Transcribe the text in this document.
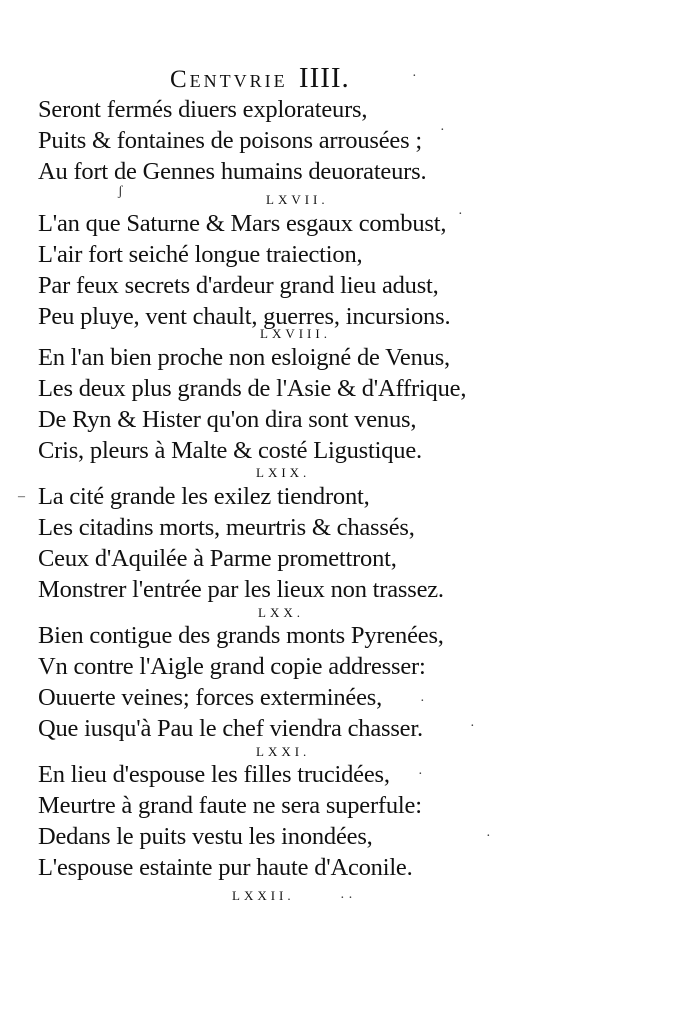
Centvrie IIII.
Seront fermés diuers explorateurs,
Puits & fontaines de poisons arrousées ;
Au fort de Gennes humains deuorateurs.
LXVII.
L'an que Saturne & Mars esgaux combust,
L'air fort seiché longue traiection,
Par feux secrets d'ardeur grand lieu adust,
Peu pluye, vent chault, guerres, incursions.
LXVIII.
En l'an bien proche non esloigné de Venus,
Les deux plus grands de l'Asie & d'Affrique,
De Ryn & Hister qu'on dira sont venus,
Cris, pleurs à Malte & costé Ligustique.
LXIX.
La cité grande les exilez tiendront,
Les citadins morts, meurtris & chassés,
Ceux d'Aquilée à Parme promettront,
Monstrer l'entrée par les lieux non trassez.
LXX.
Bien contigue des grands monts Pyrenées,
Vn contre l'Aigle grand copie addresser:
Ouuerte veines; forces exterminées,
Que iusqu'à Pau le chef viendra chasser.
LXXI.
En lieu d'espouse les filles trucidées,
Meurtre à grand faute ne sera superfule:
Dedans le puits vestu les inondées,
L'espouse estainte pur haute d'Aconile.
LXXII.
·
·
ʃ
·
–
·
·
·
·
· ·
